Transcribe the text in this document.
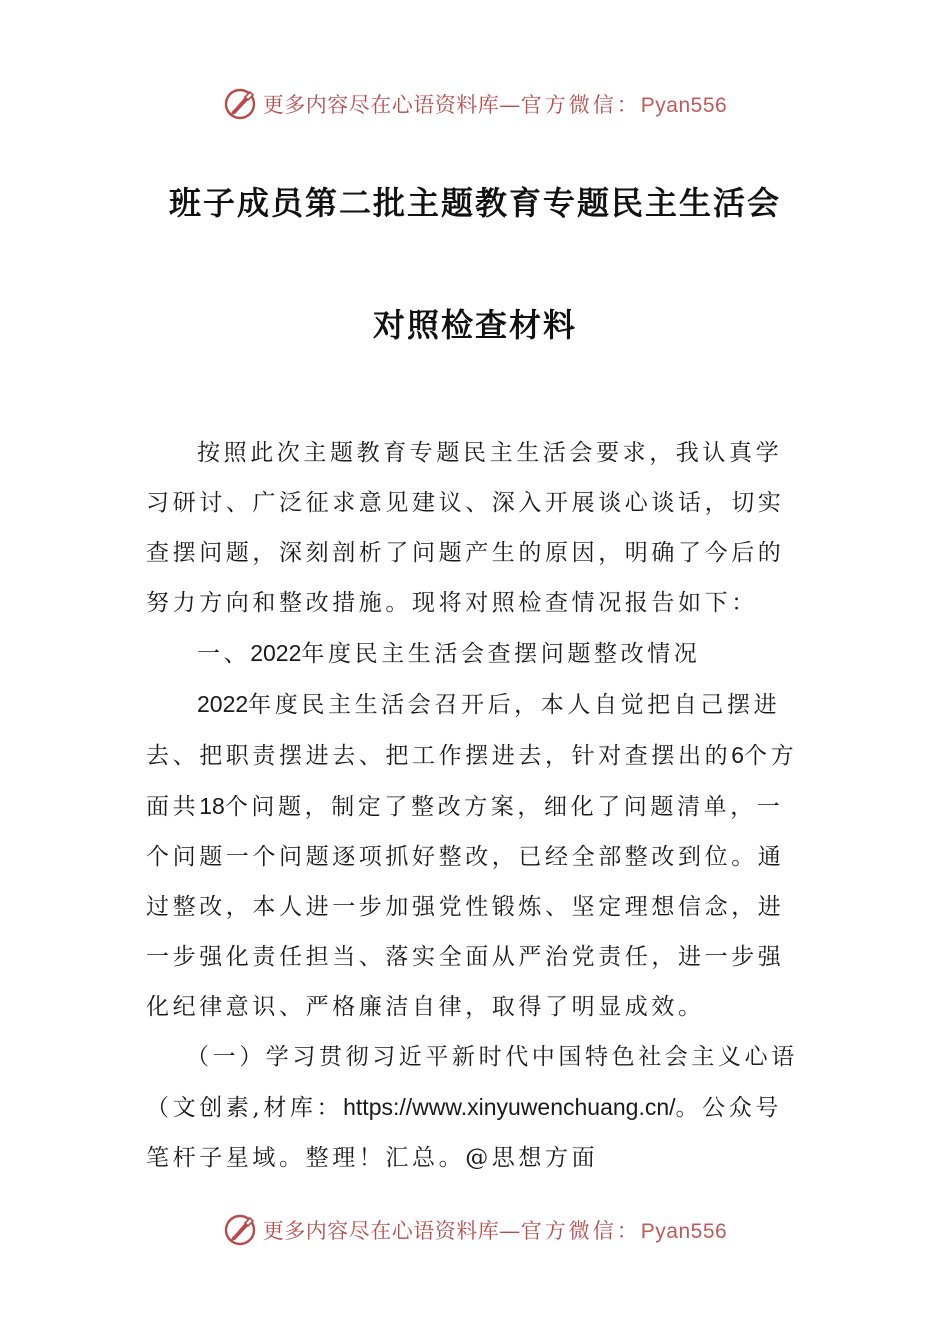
更多内容尽在心语资料库—官方微信：Pyan556
班子成员第二批主题教育专题民主生活会
对照检查材料

按照此次主题教育专题民主生活会要求，我认真学习研讨、广泛征求意见建议、深入开展谈心谈话，切实查摆问题，深刻剖析了问题产生的原因，明确了今后的努力方向和整改措施。现将对照检查情况报告如下：

一、2022年度民主生活会查摆问题整改情况

2022年度民主生活会召开后，本人自觉把自己摆进去、把职责摆进去、把工作摆进去，针对查摆出的6个方面共18个问题，制定了整改方案，细化了问题清单，一个问题一个问题逐项抓好整改，已经全部整改到位。通过整改，本人进一步加强党性锻炼、坚定理想信念，进一步强化责任担当、落实全面从严治党责任，进一步强化纪律意识、严格廉洁自律，取得了明显成效。

（一）学习贯彻习近平新时代中国特色社会主义心语（文创素,材库：https://www.xinyuwenchuang.cn/。公众号笔杆子星域。整理！汇总。@思想方面

更多内容尽在心语资料库—官方微信：Pyan556
